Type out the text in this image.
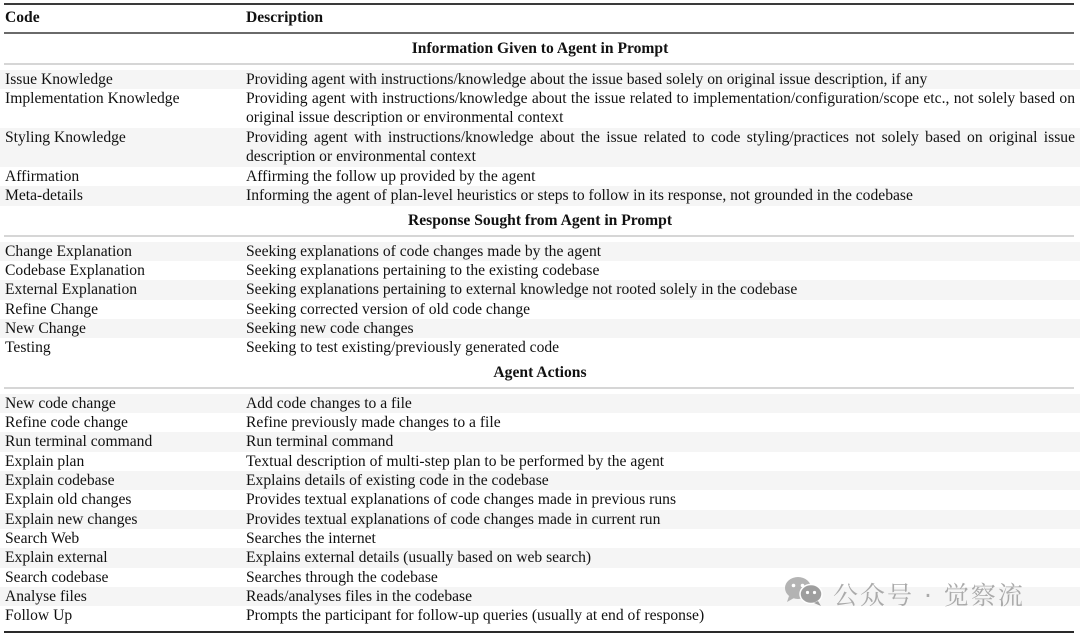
Code	Description
Information Given to Agent in Prompt
Issue Knowledge	Providing agent with instructions/knowledge about the issue based solely on original issue description, if any
Implementation Knowledge	Providing agent with instructions/knowledge about the issue related to implementation/configuration/scope etc., not solely based on original issue description or environmental context
Styling Knowledge	Providing agent with instructions/knowledge about the issue related to code styling/practices not solely based on original issue description or environmental context
Affirmation	Affirming the follow up provided by the agent
Meta-details	Informing the agent of plan-level heuristics or steps to follow in its response, not grounded in the codebase
Response Sought from Agent in Prompt
Change Explanation	Seeking explanations of code changes made by the agent
Codebase Explanation	Seeking explanations pertaining to the existing codebase
External Explanation	Seeking explanations pertaining to external knowledge not rooted solely in the codebase
Refine Change	Seeking corrected version of old code change
New Change	Seeking new code changes
Testing	Seeking to test existing/previously generated code
Agent Actions
New code change	Add code changes to a file
Refine code change	Refine previously made changes to a file
Run terminal command	Run terminal command
Explain plan	Textual description of multi-step plan to be performed by the agent
Explain codebase	Explains details of existing code in the codebase
Explain old changes	Provides textual explanations of code changes made in previous runs
Explain new changes	Provides textual explanations of code changes made in current run
Search Web	Searches the internet
Explain external	Explains external details (usually based on web search)
Search codebase	Searches through the codebase
Analyse files	Reads/analyses files in the codebase
Follow Up	Prompts the participant for follow-up queries (usually at end of response)
公众号 · 觉察流
